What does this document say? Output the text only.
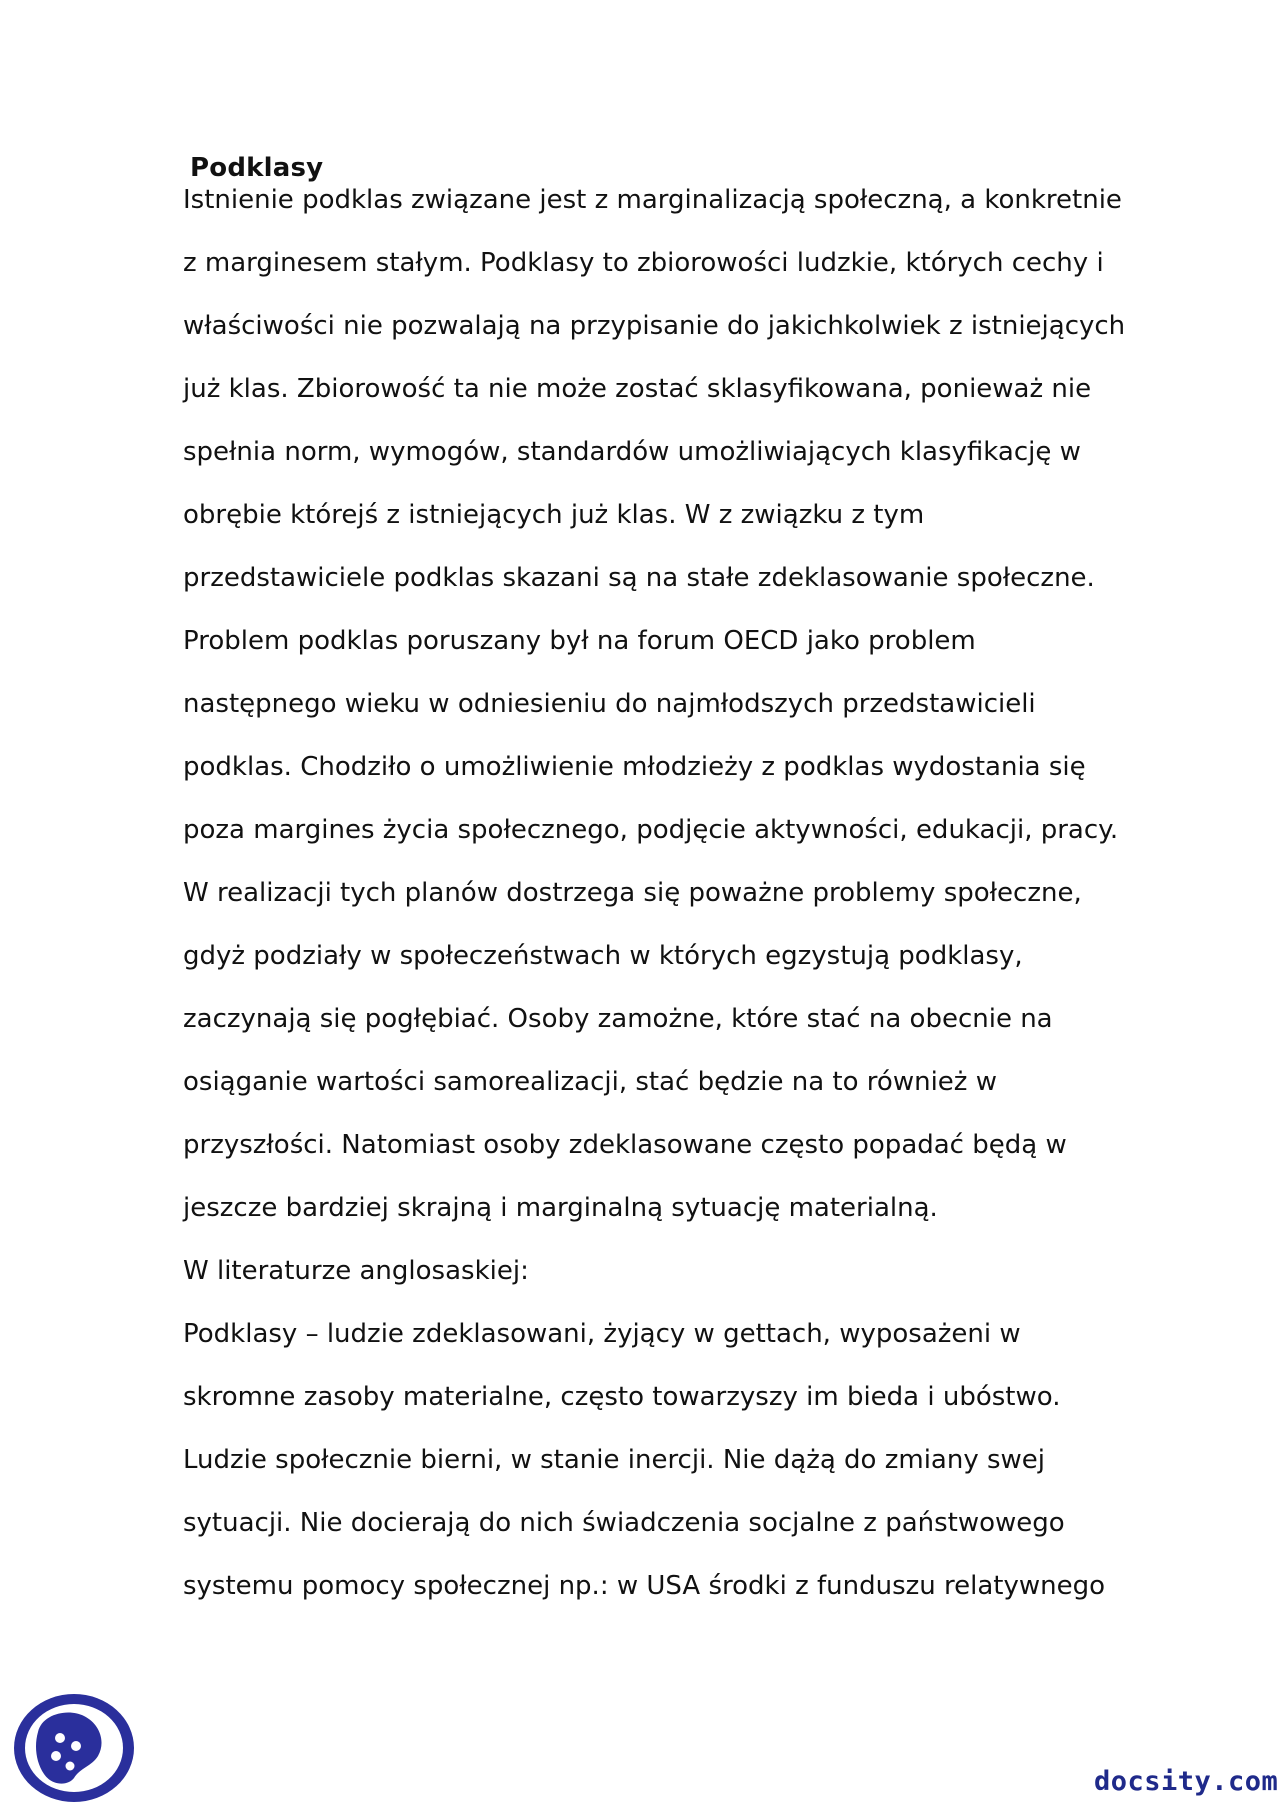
Podklasy
Istnienie podklas związane jest z marginalizacją społeczną, a konkretnie
z marginesem stałym. Podklasy to zbiorowości ludzkie, których cechy i
właściwości nie pozwalają na przypisanie do jakichkolwiek z istniejących
już klas. Zbiorowość ta nie może zostać sklasyfikowana, ponieważ nie
spełnia norm, wymogów, standardów umożliwiających klasyfikację w
obrębie którejś z istniejących już klas. W z związku z tym
przedstawiciele podklas skazani są na stałe zdeklasowanie społeczne.
Problem podklas poruszany był na forum OECD jako problem
następnego wieku w odniesieniu do najmłodszych przedstawicieli
podklas. Chodziło o umożliwienie młodzieży z podklas wydostania się
poza margines życia społecznego, podjęcie aktywności, edukacji, pracy.
W realizacji tych planów dostrzega się poważne problemy społeczne,
gdyż podziały w społeczeństwach w których egzystują podklasy,
zaczynają się pogłębiać. Osoby zamożne, które stać na obecnie na
osiąganie wartości samorealizacji, stać będzie na to również w
przyszłości. Natomiast osoby zdeklasowane często popadać będą w
jeszcze bardziej skrajną i marginalną sytuację materialną.
W literaturze anglosaskiej:
Podklasy – ludzie zdeklasowani, żyjący w gettach, wyposażeni w
skromne zasoby materialne, często towarzyszy im bieda i ubóstwo.
Ludzie społecznie bierni, w stanie inercji. Nie dążą do zmiany swej
sytuacji. Nie docierają do nich świadczenia socjalne z państwowego
systemu pomocy społecznej np.: w USA środki z funduszu relatywnego
docsity.com
